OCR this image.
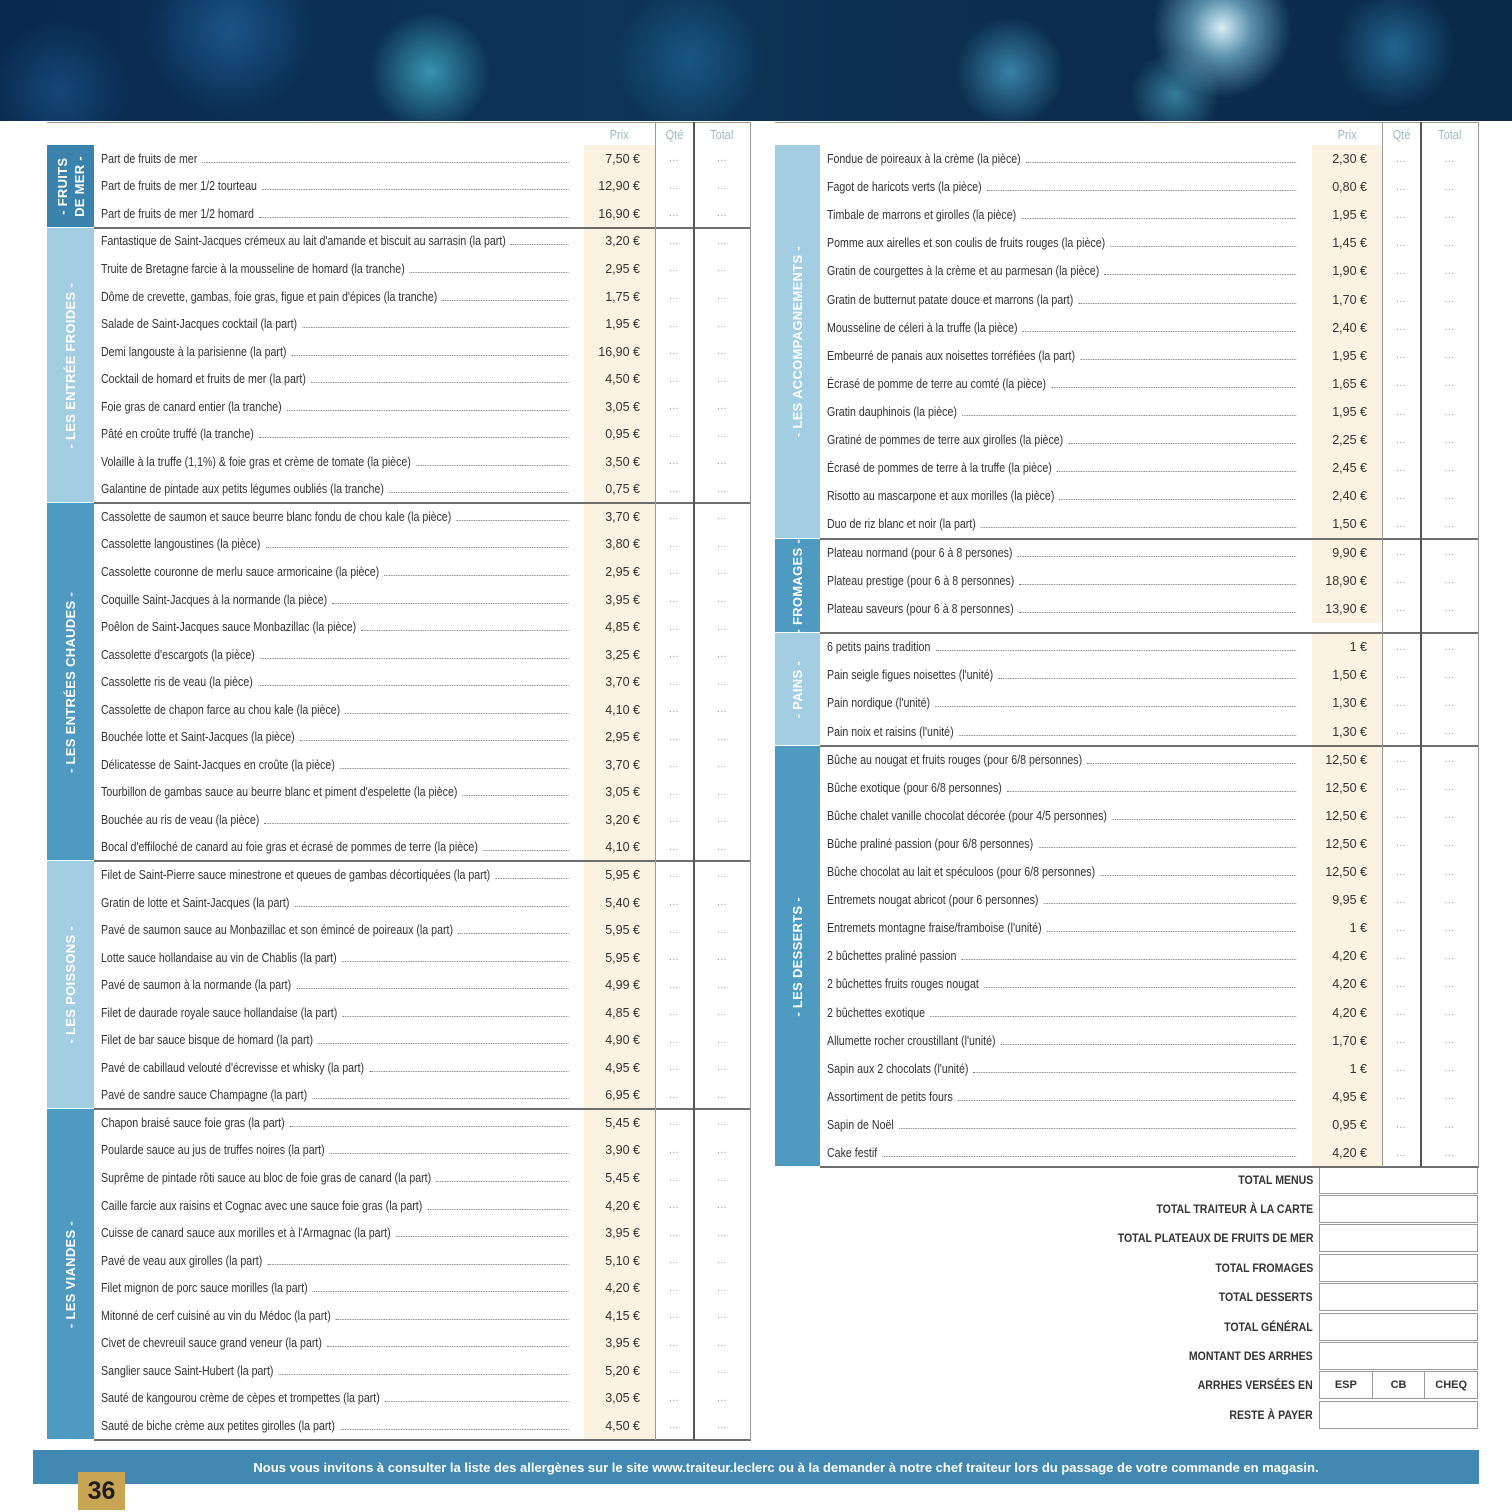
Prix	Qté	Total
- FRUITS
DE MER - Part de fruits de mer	7,50 €	...	...
Part de fruits de mer 1/2 tourteau	12,90 €	...	...
Part de fruits de mer 1/2 homard	16,90 €	...	...
- LES ENTRÉE FROIDES -
Fantastique de Saint-Jacques crémeux au lait d'amande et biscuit au sarrasin (la part)	3,20 €	...	...
Truite de Bretagne farcie à la mousseline de homard (la tranche)	2,95 €	...	...
Dôme de crevette, gambas, foie gras, figue et pain d'épices (la tranche)	1,75 €	...	...
Salade de Saint-Jacques cocktail (la part)	1,95 €	...	...
Demi langouste à la parisienne (la part)	16,90 €	...	...
Cocktail de homard et fruits de mer (la part)	4,50 €	...	...
Foie gras de canard entier (la tranche)	3,05 €	...	...
Pâté en croûte truffé (la tranche)	0,95 €	...	...
Volaille à la truffe (1,1%) & foie gras et crème de tomate (la pièce)	3,50 €	...	...
Galantine de pintade aux petits légumes oubliés (la tranche)	0,75 €	...	...
- LES ENTRÉES CHAUDES -
Cassolette de saumon et sauce beurre blanc fondu de chou kale (la pièce)	3,70 €	...	...
Cassolette langoustines (la pièce)	3,80 €	...	...
Cassolette couronne de merlu sauce armoricaine (la pièce)	2,95 €	...	...
Coquille Saint-Jacques à la normande (la pièce)	3,95 €	...	...
Poêlon de Saint-Jacques sauce Monbazillac (la pièce)	4,85 €	...	...
Cassolette d'escargots (la pièce)	3,25 €	...	...
Cassolette ris de veau (la pièce)	3,70 €	...	...
Cassolette de chapon farce au chou kale (la pièce)	4,10 €	...	...
Bouchée lotte et Saint-Jacques (la pièce)	2,95 €	...	...
Délicatesse de Saint-Jacques en croûte (la pièce)	3,70 €	...	...
Tourbillon de gambas sauce au beurre blanc et piment d'espelette (la pièce)	3,05 €	...	...
Bouchée au ris de veau (la pièce)	3,20 €	...	...
Bocal d'effiloché de canard au foie gras et écrasé de pommes de terre (la pièce)	4,10 €	...	...
- LES POISSONS -
Filet de Saint-Pierre sauce minestrone et queues de gambas décortiquées (la part)	5,95 €	...	...
Gratin de lotte et Saint-Jacques (la part)	5,40 €	...	...
Pavé de saumon sauce au Monbazillac et son émincé de poireaux (la part)	5,95 €	...	...
Lotte sauce hollandaise au vin de Chablis (la part)	5,95 €	...	...
Pavé de saumon à la normande (la part)	4,99 €	...	...
Filet de daurade royale sauce hollandaise (la part)	4,85 €	...	...
Filet de bar sauce bisque de homard (la part)	4,90 €	...	...
Pavé de cabillaud velouté d'écrevisse et whisky (la part)	4,95 €	...	...
Pavé de sandre sauce Champagne (la part)	6,95 €	...	...
- LES VIANDES -
Chapon braisé sauce foie gras (la part)	5,45 €	...	...
Poularde sauce au jus de truffes noires (la part)	3,90 €	...	...
Suprême de pintade rôti sauce au bloc de foie gras de canard (la part)	5,45 €	...	...
Caille farcie aux raisins et Cognac avec une sauce foie gras (la part)	4,20 €	...	...
Cuisse de canard sauce aux morilles et à l'Armagnac (la part)	3,95 €	...	...
Pavé de veau aux girolles (la part)	5,10 €	...	...
Filet mignon de porc sauce morilles (la part)	4,20 €	...	...
Mitonné de cerf cuisiné au vin du Médoc (la part)	4,15 €	...	...
Civet de chevreuil sauce grand veneur (la part)	3,95 €	...	...
Sanglier sauce Saint-Hubert (la part)	5,20 €	...	...
Sauté de kangourou crème de cèpes et trompettes (la part)	3,05 €	...	...
Sauté de biche crème aux petites girolles (la part)	4,50 €	...	...
Prix	Qté	Total
- LES ACCOMPAGNEMENTS -
Fondue de poireaux à la crème (la pièce)	2,30 €	...	...
Fagot de haricots verts (la pièce)	0,80 €	...	...
Timbale de marrons et girolles (la pièce)	1,95 €	...	...
Pomme aux airelles et son coulis de fruits rouges (la pièce)	1,45 €	...	...
Gratin de courgettes à la crème et au parmesan (la pièce)	1,90 €	...	...
Gratin de butternut patate douce et marrons (la part)	1,70 €	...	...
Mousseline de céleri à la truffe (la pièce)	2,40 €	...	...
Embeurré de panais aux noisettes torréfiées (la part)	1,95 €	...	...
Écrasé de pomme de terre au comté (la pièce)	1,65 €	...	...
Gratin dauphinois (la pièce)	1,95 €	...	...
Gratiné de pommes de terre aux girolles (la pièce)	2,25 €	...	...
Écrasé de pommes de terre à la truffe (la pièce)	2,45 €	...	...
Risotto au mascarpone et aux morilles (la pièce)	2,40 €	...	...
Duo de riz blanc et noir (la part)	1,50 €	...	...
- FROMAGES - Plateau normand (pour 6 à 8 persones)	9,90 €	...	...
Plateau prestige (pour 6 à 8 personnes)	18,90 €	...	...
Plateau saveurs (pour 6 à 8 personnes)	13,90 €	...	...
- PAINS -
6 petits pains tradition	1 €	...	...
Pain seigle figues noisettes (l'unité)	1,50 €	...	...
Pain nordique (l'unité)	1,30 €	...	...
Pain noix et raisins (l'unité)	1,30 €	...	...
- LES DESSERTS -
Bûche au nougat et fruits rouges (pour 6/8 personnes)	12,50 €	...	...
Bûche exotique (pour 6/8 personnes)	12,50 €	...	...
Bûche chalet vanille chocolat décorée (pour 4/5 personnes)	12,50 €	...	...
Bûche praliné passion (pour 6/8 personnes)	12,50 €	...	...
Bûche chocolat au lait et spéculoos (pour 6/8 personnes)	12,50 €	...	...
Entremets nougat abricot (pour 6 personnes)	9,95 €	...	...
Entremets montagne fraise/framboise (l'unité)	1 €	...	...
2 bûchettes praliné passion	4,20 €	...	...
2 bûchettes fruits rouges nougat	4,20 €	...	...
2 bûchettes exotique	4,20 €	...	...
Allumette rocher croustillant (l'unité)	1,70 €	...	...
Sapin aux 2 chocolats (l'unité)	1 €	...	...
Assortiment de petits fours	4,95 €	...	...
Sapin de Noël	0,95 €	...	...
Cake festif	4,20 €	...	...
TOTAL MENUS
TOTAL TRAITEUR À LA CARTE
TOTAL PLATEAUX DE FRUITS DE MER
TOTAL FROMAGES
TOTAL DESSERTS
TOTAL GÉNÉRAL
MONTANT DES ARRHES
ARRHES VERSÉES EN	ESP	CB	CHEQ
RESTE À PAYER
Nous vous invitons à consulter la liste des allergènes sur le site www.traiteur.leclerc ou à la demander à notre chef traiteur lors du passage de votre commande en magasin.
36
